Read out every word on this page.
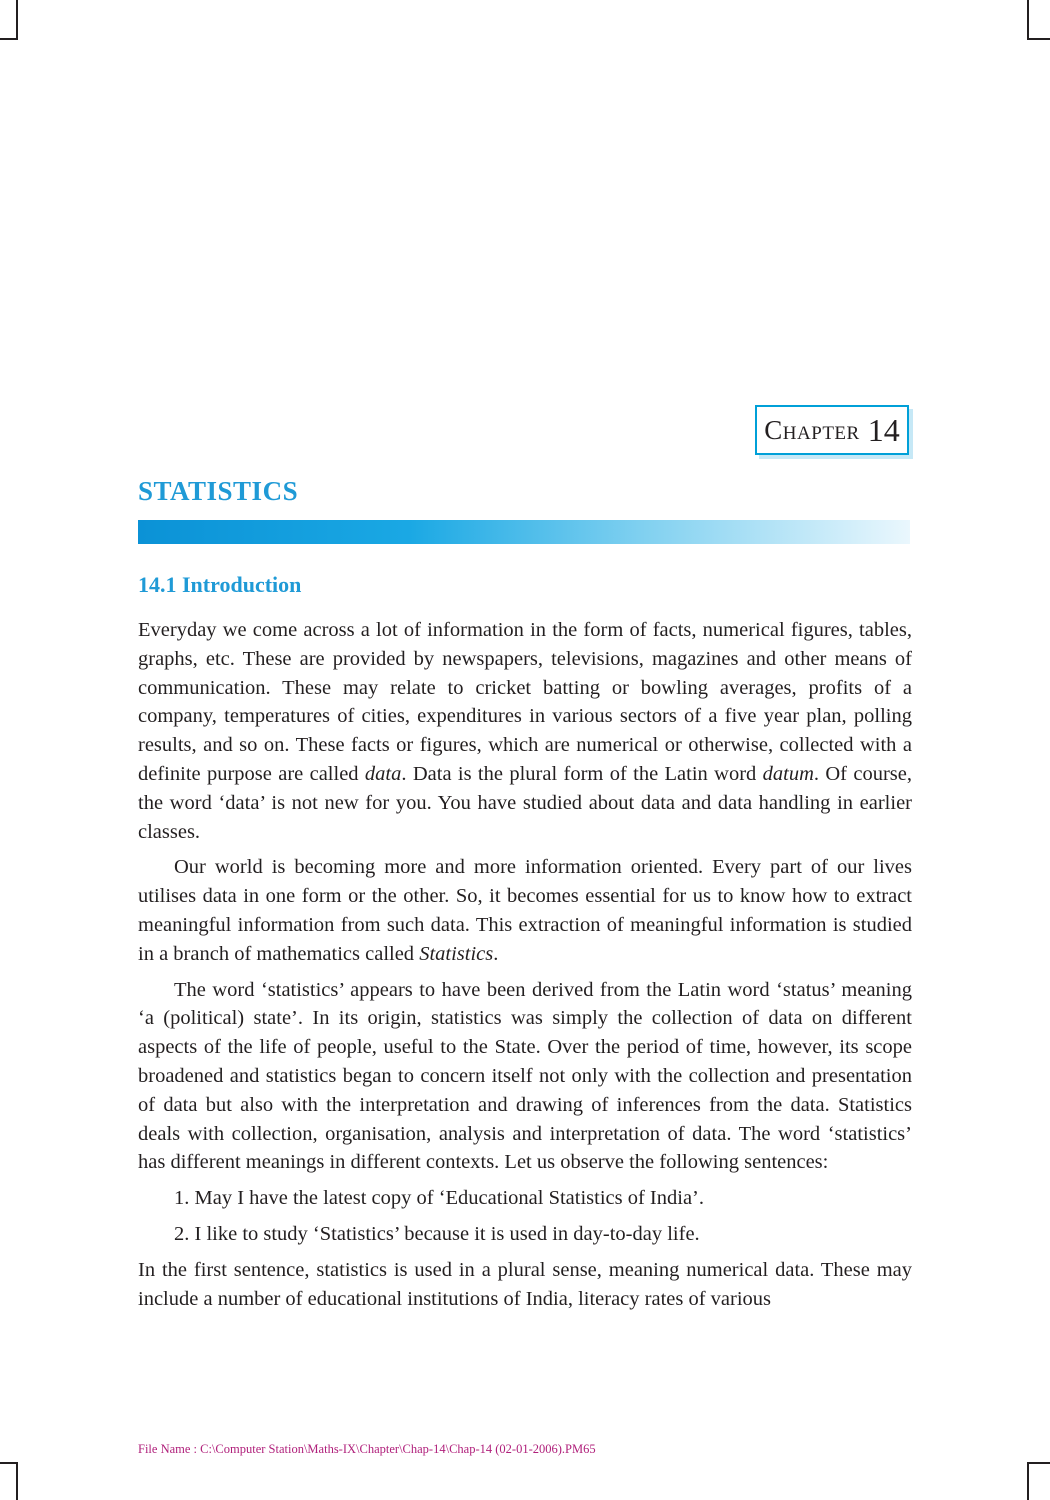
Chapter 14
STATISTICS
14.1 Introduction

Everyday we come across a lot of information in the form of facts, numerical figures, tables, graphs, etc. These are provided by newspapers, televisions, magazines and other means of communication. These may relate to cricket batting or bowling averages, profits of a company, temperatures of cities, expenditures in various sectors of a five year plan, polling results, and so on. These facts or figures, which are numerical or otherwise, collected with a definite purpose are called data. Data is the plural form of the Latin word datum. Of course, the word ‘data’ is not new for you. You have studied about data and data handling in earlier classes.

Our world is becoming more and more information oriented. Every part of our lives utilises data in one form or the other. So, it becomes essential for us to know how to extract meaningful information from such data. This extraction of meaningful information is studied in a branch of mathematics called Statistics.

The word ‘statistics’ appears to have been derived from the Latin word ‘status’ meaning ‘a (political) state’. In its origin, statistics was simply the collection of data on different aspects of the life of people, useful to the State. Over the period of time, however, its scope broadened and statistics began to concern itself not only with the collection and presentation of data but also with the interpretation and drawing of inferences from the data. Statistics deals with collection, organisation, analysis and interpretation of data. The word ‘statistics’ has different meanings in different contexts. Let us observe the following sentences:

1. May I have the latest copy of ‘Educational Statistics of India’.
2. I like to study ‘Statistics’ because it is used in day-to-day life.

In the first sentence, statistics is used in a plural sense, meaning numerical data. These may include a number of educational institutions of India, literacy rates of various

File Name : C:\Computer Station\Maths-IX\Chapter\Chap-14\Chap-14 (02-01-2006).PM65
